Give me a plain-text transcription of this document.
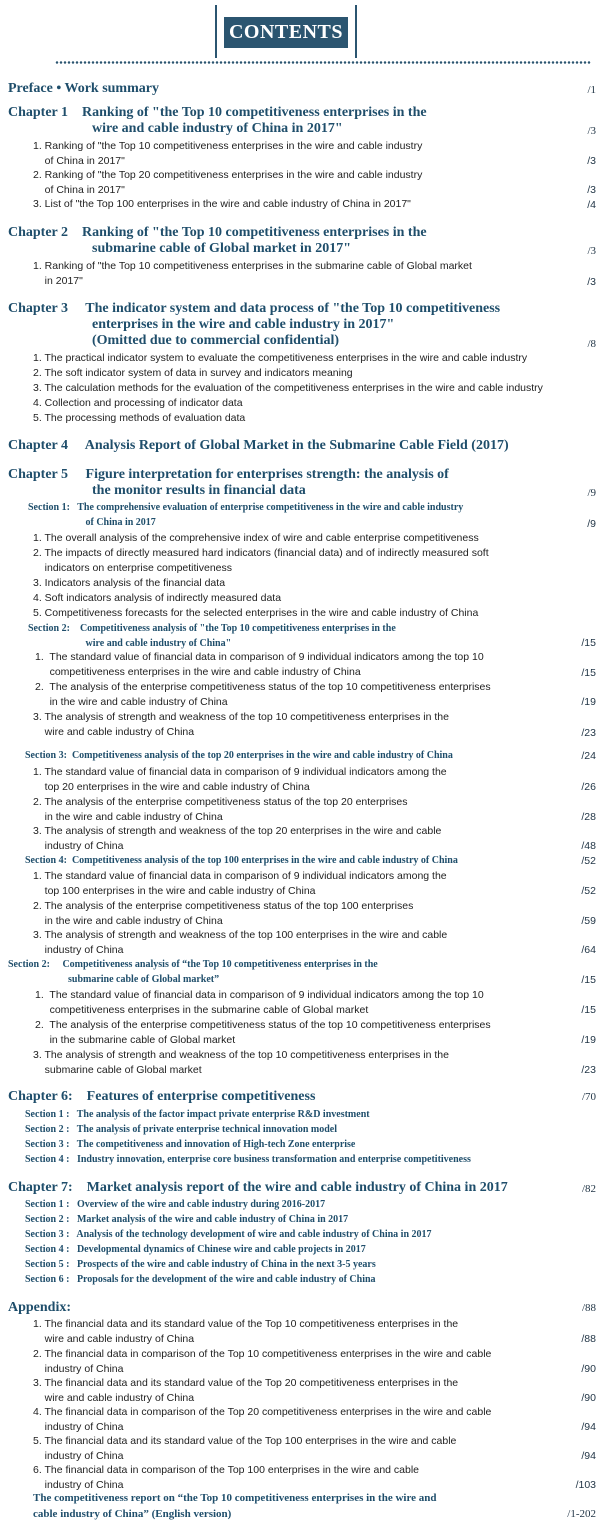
CONTENTS
Preface • Work summary	/1
Chapter 1    Ranking of "the Top 10 competitiveness enterprises in the
wire and cable industry of China in 2017"	/3
1. Ranking of "the Top 10 competitiveness enterprises in the wire and cable industry
of China in 2017"	/3
2. Ranking of "the Top 20 competitiveness enterprises in the wire and cable industry
of China in 2017"	/3
3. List of "the Top 100 enterprises in the wire and cable industry of China in 2017"	/4
Chapter 2    Ranking of "the Top 10 competitiveness enterprises in the
submarine cable of Global market in 2017"	/3
1. Ranking of "the Top 10 competitiveness enterprises in the submarine cable of Global market
in 2017"	/3
Chapter 3     The indicator system and data process of "the Top 10 competitiveness
enterprises in the wire and cable industry in 2017"
(Omitted due to commercial confidential)	/8
1. The practical indicator system to evaluate the competitiveness enterprises in the wire and cable industry
2. The soft indicator system of data in survey and indicators meaning
3. The calculation methods for the evaluation of the competitiveness enterprises in the wire and cable industry
4. Collection and processing of indicator data
5. The processing methods of evaluation data
Chapter 4     Analysis Report of Global Market in the Submarine Cable Field (2017)
Chapter 5     Figure interpretation for enterprises strength: the analysis of
the monitor results in financial data	/9
Section 1:   The comprehensive evaluation of enterprise competitiveness in the wire and cable industry
of China in 2017	/9
1. The overall analysis of the comprehensive index of wire and cable enterprise competitiveness
2. The impacts of directly measured hard indicators (financial data) and of indirectly measured soft
indicators on enterprise competitiveness
3. Indicators analysis of the financial data
4. Soft indicators analysis of indirectly measured data
5. Competitiveness forecasts for the selected enterprises in the wire and cable industry of China
Section 2:    Competitiveness analysis of "the Top 10 competitiveness enterprises in the
wire and cable industry of China"	/15
1.  The standard value of financial data in comparison of 9 individual indicators among the top 10
competitiveness enterprises in the wire and cable industry of China	/15
2.  The analysis of the enterprise competitiveness status of the top 10 competitiveness enterprises
in the wire and cable industry of China	/19
3. The analysis of strength and weakness of the top 10 competitiveness enterprises in the
wire and cable industry of China	/23
Section 3:  Competitiveness analysis of the top 20 enterprises in the wire and cable industry of China	/24
1. The standard value of financial data in comparison of 9 individual indicators among the
top 20 enterprises in the wire and cable industry of China	/26
2. The analysis of the enterprise competitiveness status of the top 20 enterprises
in the wire and cable industry of China	/28
3. The analysis of strength and weakness of the top 20 enterprises in the wire and cable
industry of China	/48
Section 4:  Competitiveness analysis of the top 100 enterprises in the wire and cable industry of China	/52
1. The standard value of financial data in comparison of 9 individual indicators among the
top 100 enterprises in the wire and cable industry of China	/52
2. The analysis of the enterprise competitiveness status of the top 100 enterprises
in the wire and cable industry of China	/59
3. The analysis of strength and weakness of the top 100 enterprises in the wire and cable
industry of China	/64
Section 2:     Competitiveness analysis of “the Top 10 competitiveness enterprises in the
submarine cable of Global market”	/15
1.  The standard value of financial data in comparison of 9 individual indicators among the top 10
competitiveness enterprises in the submarine cable of Global market	/15
2.  The analysis of the enterprise competitiveness status of the top 10 competitiveness enterprises
in the submarine cable of Global market	/19
3. The analysis of strength and weakness of the top 10 competitiveness enterprises in the
submarine cable of Global market	/23
Chapter 6:    Features of enterprise competitiveness	/70
Section 1 :   The analysis of the factor impact private enterprise R&D investment
Section 2 :   The analysis of private enterprise technical innovation model
Section 3 :   The competitiveness and innovation of High-tech Zone enterprise
Section 4 :   Industry innovation, enterprise core business transformation and enterprise competitiveness
Chapter 7:    Market analysis report of the wire and cable industry of China in 2017	/82
Section 1 :   Overview of the wire and cable industry during 2016-2017
Section 2 :   Market analysis of the wire and cable industry of China in 2017
Section 3 :   Analysis of the technology development of wire and cable industry of China in 2017
Section 4 :   Developmental dynamics of Chinese wire and cable projects in 2017
Section 5 :   Prospects of the wire and cable industry of China in the next 3-5 years
Section 6 :   Proposals for the development of the wire and cable industry of China
Appendix:	/88
1. The financial data and its standard value of the Top 10 competitiveness enterprises in the
wire and cable industry of China	/88
2. The financial data in comparison of the Top 10 competitiveness enterprises in the wire and cable
industry of China	/90
3. The financial data and its standard value of the Top 20 competitiveness enterprises in the
wire and cable industry of China	/90
4. The financial data in comparison of the Top 20 competitiveness enterprises in the wire and cable
industry of China	/94
5. The financial data and its standard value of the Top 100 enterprises in the wire and cable
industry of China	/94
6. The financial data in comparison of the Top 100 enterprises in the wire and cable
industry of China	/103
The competitiveness report on “the Top 10 competitiveness enterprises in the wire and
cable industry of China” (English version)	/1-202
